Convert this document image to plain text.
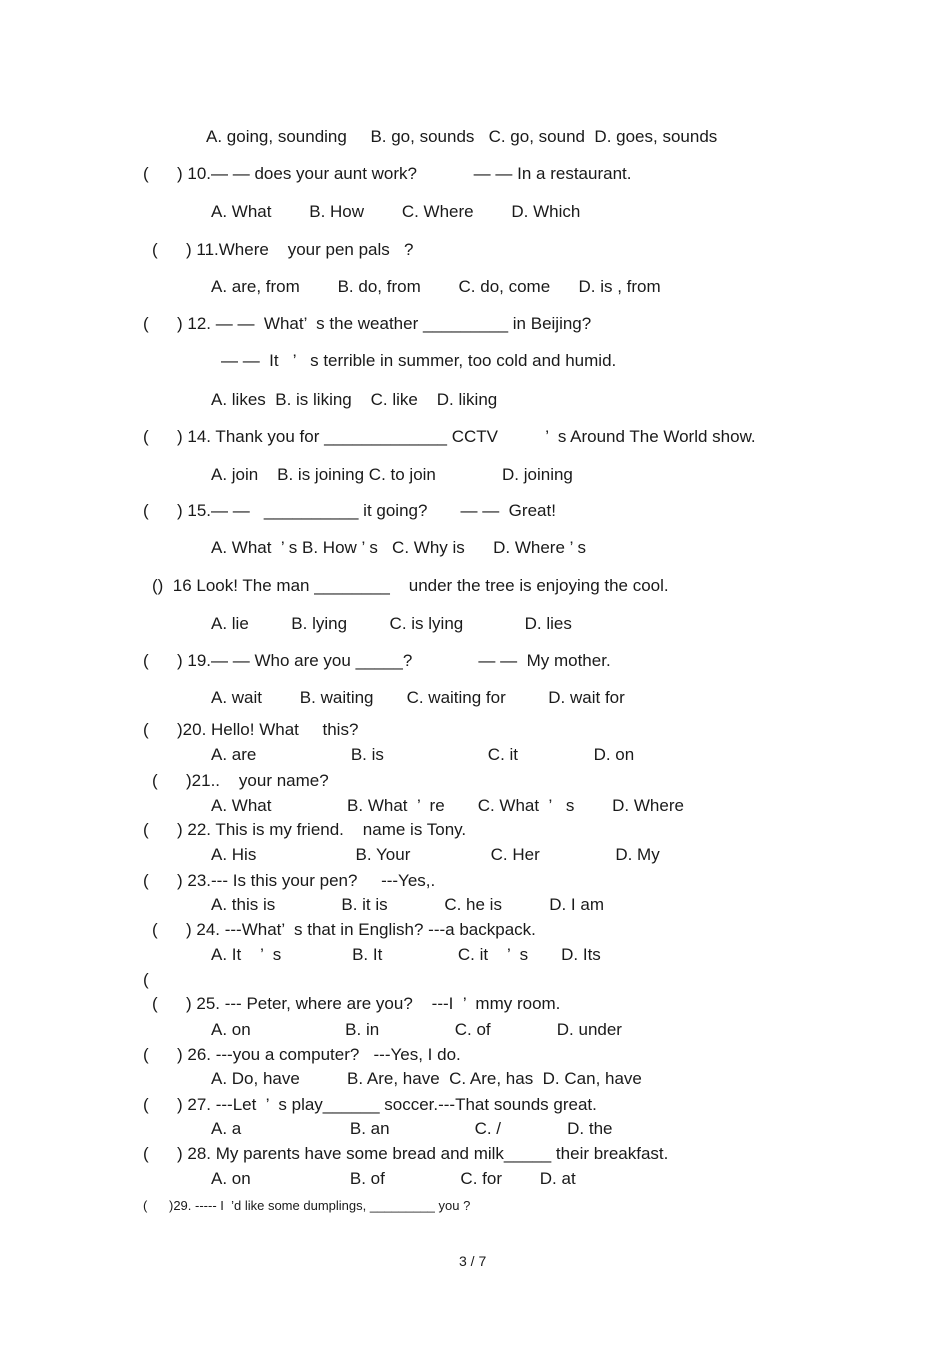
A. going, sounding     B. go, sounds   C. go, sound  D. goes, sounds
(      ) 10.— — does your aunt work?            — — In a restaurant.
A. What        B. How        C. Where        D. Which
(      ) 11.Where    your pen pals   ?
A. are, from        B. do, from        C. do, come      D. is , from
(      ) 12. — —  What’  s the weather _________ in Beijing?
— —  It   ’   s terrible in summer, too cold and humid.
A. likes  B. is liking    C. like    D. liking
(      ) 14. Thank you for _____________ CCTV          ’  s Around The World show.
A. join    B. is joining C. to join              D. joining
(      ) 15.— —   __________ it going?       — —  Great!
A. What  ’ s B. How ’ s   C. Why is      D. Where ’ s
()  16 Look! The man ________    under the tree is enjoying the cool.
A. lie         B. lying         C. is lying             D. lies
(      ) 19.— — Who are you _____?              — —  My mother.
A. wait        B. waiting       C. waiting for         D. wait for
(      )20. Hello! What     this?
A. are                    B. is                      C. it                D. on
(      )21..    your name?
A. What                B. What  ’  re       C. What  ’   s        D. Where
(      ) 22. This is my friend.    name is Tony.
A. His                     B. Your                 C. Her                D. My
(      ) 23.--- Is this your pen?     ---Yes,.
A. this is              B. it is            C. he is          D. I am
(      ) 24. ---What’  s that in English? ---a backpack.
A. It    ’  s               B. It                C. it    ’  s       D. Its
(
(      ) 25. --- Peter, where are you?    ---I  ’  mmy room.
A. on                    B. in                C. of              D. under
(      ) 26. ---you a computer?   ---Yes, I do.
A. Do, have          B. Are, have  C. Are, has  D. Can, have
(      ) 27. ---Let  ’  s play______ soccer.---That sounds great.
A. a                       B. an                  C. /              D. the
(      ) 28. My parents have some bread and milk_____ their breakfast.
A. on                     B. of                C. for        D. at
(      )29. ----- I  ’d like some dumplings, _________ you ?
3 / 7
